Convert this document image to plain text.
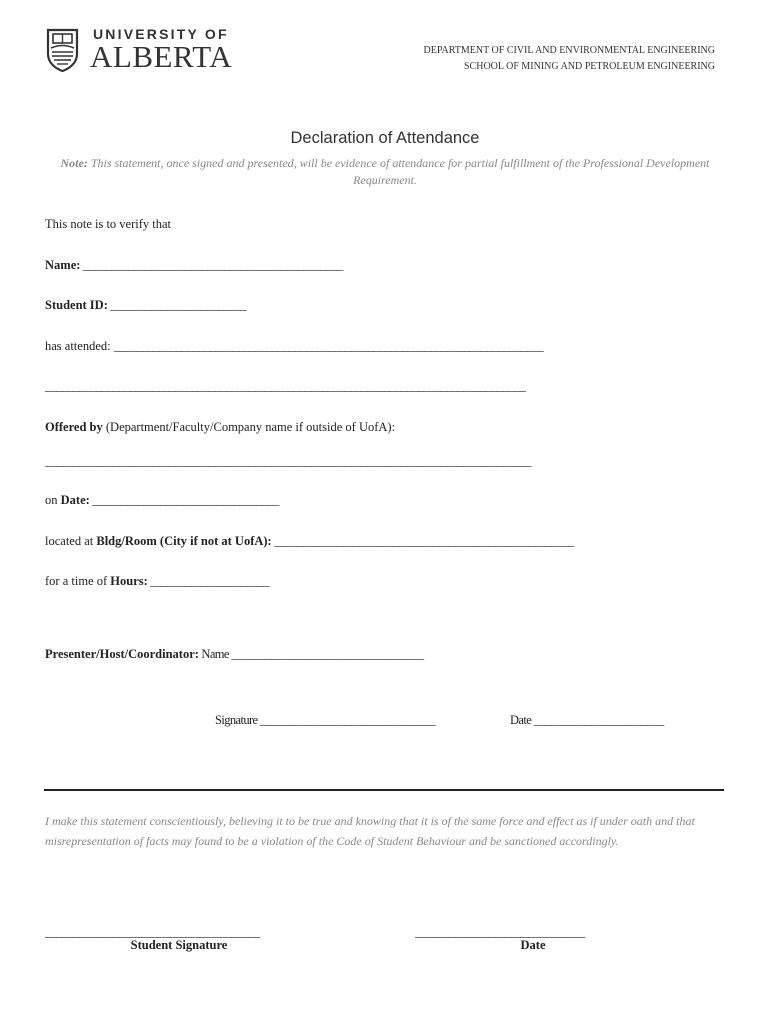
UNIVERSITY OF
ALBERTA	DEPARTMENT OF CIVIL AND ENVIRONMENTAL ENGINEERING
SCHOOL OF MINING AND PETROLEUM ENGINEERING
Declaration of Attendance
Note: This statement, once signed and presented, will be evidence of attendance for partial fulfillment of the Professional Development Requirement.
This note is to verify that
Name: ______________________________________________
Student ID: ________________________
has attended: ____________________________________________________________________________
_____________________________________________________________________________________
Offered by (Department/Faculty/Company name if outside of UofA):
______________________________________________________________________________________
on Date: _________________________________
located at Bldg/Room (City if not at UofA): _____________________________________________________
for a time of Hours: _____________________
Presenter/Host/Coordinator: Name __________________________________
Signature _______________________________	Date _______________________
I make this statement conscientiously, believing it to be true and knowing that it is of the same force and effect as if under oath and that misrepresentation of facts may found to be a violation of the Code of Student Behaviour and be sanctioned accordingly.
______________________________________
Student Signature
______________________________
Date
